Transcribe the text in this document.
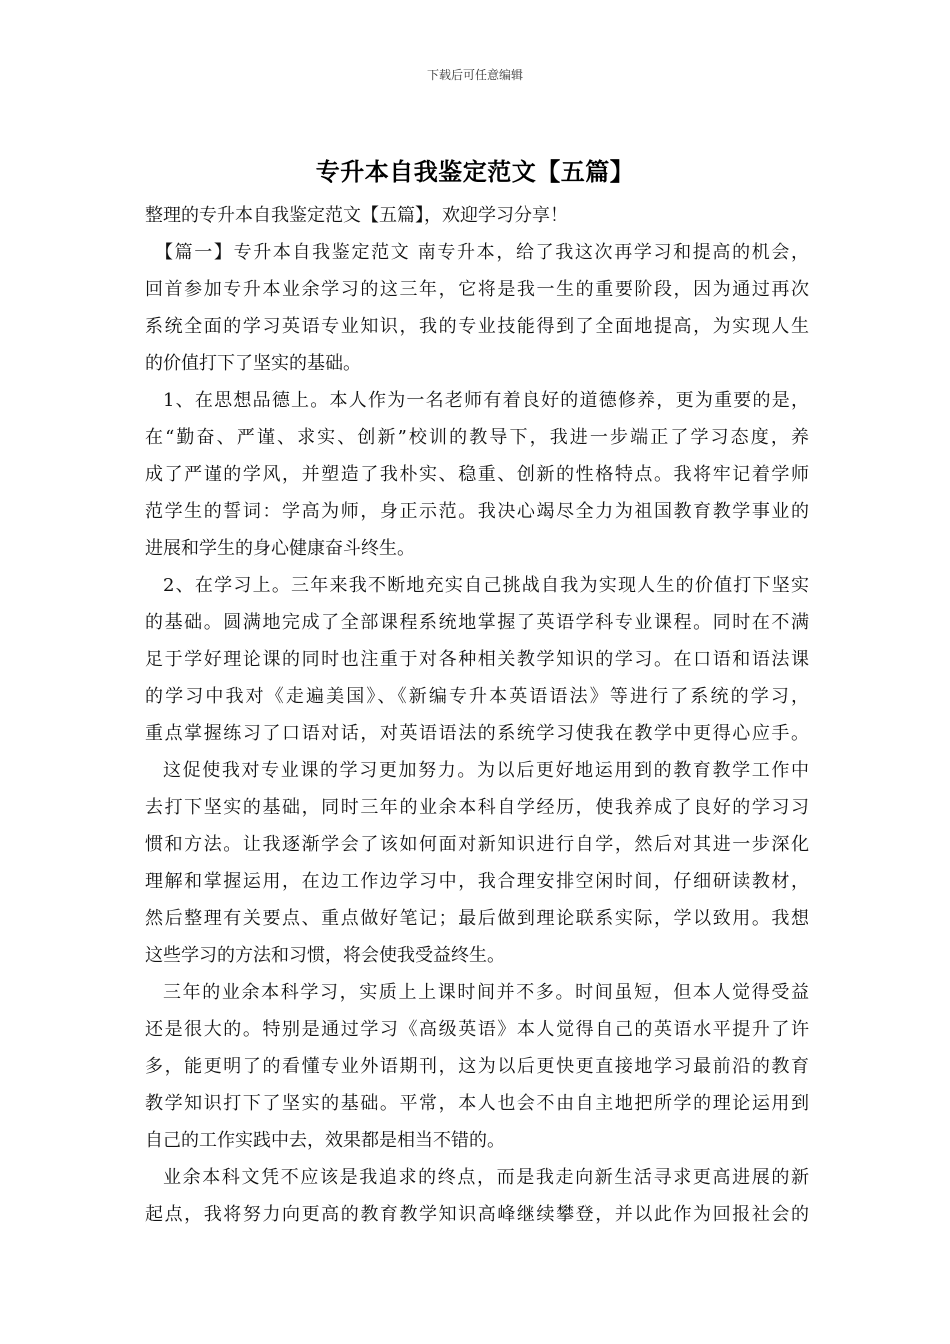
下载后可任意编辑
专升本自我鉴定范文【五篇】
整理的专升本自我鉴定范文【五篇】，欢迎学习分享！
【篇一】专升本自我鉴定范文 南专升本，给了我这次再学习和提高的机会，
回首参加专升本业余学习的这三年，它将是我一生的重要阶段，因为通过再次
系统全面的学习英语专业知识，我的专业技能得到了全面地提高，为实现人生
的价值打下了坚实的基础。
1、在思想品德上。本人作为一名老师有着良好的道德修养，更为重要的是，
在“勤奋、严谨、求实、创新”校训的教导下，我进一步端正了学习态度，养
成了严谨的学风，并塑造了我朴实、稳重、创新的性格特点。我将牢记着学师
范学生的誓词：学高为师，身正示范。我决心竭尽全力为祖国教育教学事业的
进展和学生的身心健康奋斗终生。
2、在学习上。三年来我不断地充实自己挑战自我为实现人生的价值打下坚实
的基础。圆满地完成了全部课程系统地掌握了英语学科专业课程。同时在不满
足于学好理论课的同时也注重于对各种相关教学知识的学习。在口语和语法课
的学习中我对《走遍美国》、《新编专升本英语语法》等进行了系统的学习，
重点掌握练习了口语对话，对英语语法的系统学习使我在教学中更得心应手。
这促使我对专业课的学习更加努力。为以后更好地运用到的教育教学工作中
去打下坚实的基础，同时三年的业余本科自学经历，使我养成了良好的学习习
惯和方法。让我逐渐学会了该如何面对新知识进行自学，然后对其进一步深化
理解和掌握运用，在边工作边学习中，我合理安排空闲时间，仔细研读教材，
然后整理有关要点、重点做好笔记；最后做到理论联系实际，学以致用。我想
这些学习的方法和习惯，将会使我受益终生。
三年的业余本科学习，实质上上课时间并不多。时间虽短，但本人觉得受益
还是很大的。特别是通过学习《高级英语》本人觉得自己的英语水平提升了许
多，能更明了的看懂专业外语期刊，这为以后更快更直接地学习最前沿的教育
教学知识打下了坚实的基础。平常，本人也会不由自主地把所学的理论运用到
自己的工作实践中去，效果都是相当不错的。
业余本科文凭不应该是我追求的终点，而是我走向新生活寻求更高进展的新
起点，我将努力向更高的教育教学知识高峰继续攀登，并以此作为回报社会的
